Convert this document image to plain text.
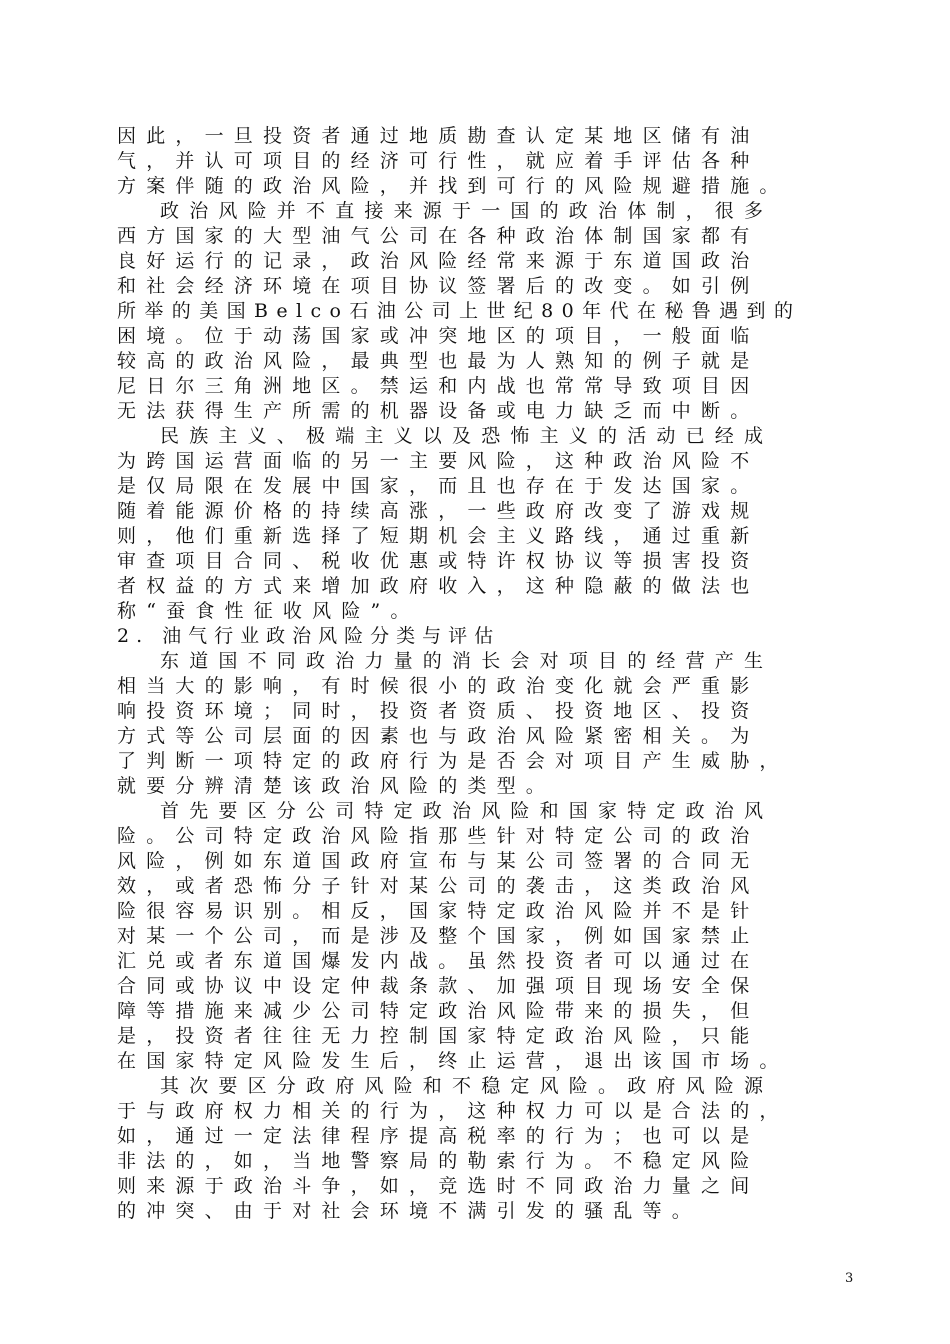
因此，一旦投资者通过地质勘查认定某地区储有油
气，并认可项目的经济可行性，就应着手评估各种
方案伴随的政治风险，并找到可行的风险规避措施。
政治风险并不直接来源于一国的政治体制，很多
西方国家的大型油气公司在各种政治体制国家都有
良好运行的记录，政治风险经常来源于东道国政治
和社会经济环境在项目协议签署后的改变。如引例
所举的美国Belco石油公司上世纪80年代在秘鲁遇到的
困境。位于动荡国家或冲突地区的项目，一般面临
较高的政治风险，最典型也最为人熟知的例子就是
尼日尔三角洲地区。禁运和内战也常常导致项目因
无法获得生产所需的机器设备或电力缺乏而中断。
民族主义、极端主义以及恐怖主义的活动已经成
为跨国运营面临的另一主要风险，这种政治风险不
是仅局限在发展中国家，而且也存在于发达国家。
随着能源价格的持续高涨，一些政府改变了游戏规
则，他们重新选择了短期机会主义路线，通过重新
审查项目合同、税收优惠或特许权协议等损害投资
者权益的方式来增加政府收入，这种隐蔽的做法也
称“蚕食性征收风险”。
2. 油气行业政治风险分类与评估
东道国不同政治力量的消长会对项目的经营产生
相当大的影响，有时候很小的政治变化就会严重影
响投资环境；同时，投资者资质、投资地区、投资
方式等公司层面的因素也与政治风险紧密相关。为
了判断一项特定的政府行为是否会对项目产生威胁，
就要分辨清楚该政治风险的类型。
首先要区分公司特定政治风险和国家特定政治风
险。公司特定政治风险指那些针对特定公司的政治
风险，例如东道国政府宣布与某公司签署的合同无
效，或者恐怖分子针对某公司的袭击，这类政治风
险很容易识别。相反，国家特定政治风险并不是针
对某一个公司，而是涉及整个国家，例如国家禁止
汇兑或者东道国爆发内战。虽然投资者可以通过在
合同或协议中设定仲裁条款、加强项目现场安全保
障等措施来减少公司特定政治风险带来的损失，但
是，投资者往往无力控制国家特定政治风险，只能
在国家特定风险发生后，终止运营，退出该国市场。
其次要区分政府风险和不稳定风险。政府风险源
于与政府权力相关的行为，这种权力可以是合法的，
如，通过一定法律程序提高税率的行为；也可以是
非法的，如，当地警察局的勒索行为。不稳定风险
则来源于政治斗争，如，竞选时不同政治力量之间
的冲突、由于对社会环境不满引发的骚乱等。
3
